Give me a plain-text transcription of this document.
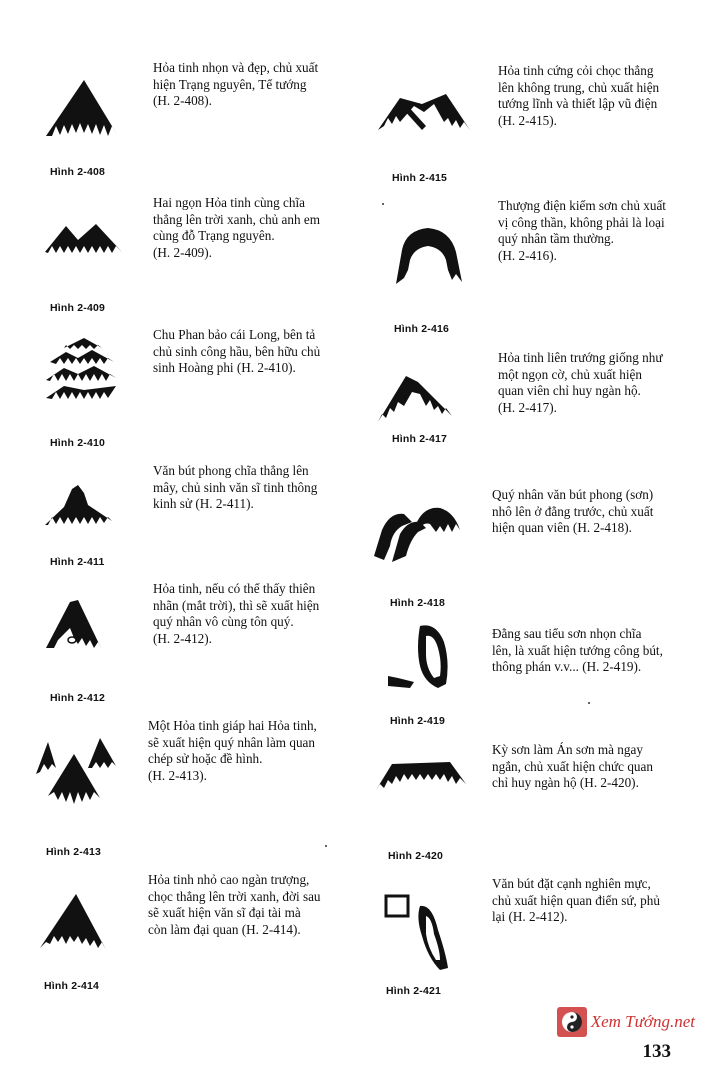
Hình 2-408
Hỏa tinh nhọn và đẹp, chủ xuất
hiện Trạng nguyên, Tể tướng
(H. 2-408).
Hình 2-409
Hai ngọn Hỏa tinh cùng chĩa
thẳng lên trời xanh, chủ anh em
cùng đỗ Trạng nguyên.
(H. 2-409).
Hình 2-410
Chu Phan bảo cái Long, bên tả
chủ sinh công hầu, bên hữu chủ
sinh Hoàng phi (H. 2-410).
Hình 2-411
Văn bút phong chĩa thẳng lên
mây, chủ sinh văn sĩ tinh thông
kinh sử (H. 2-411).
Hình 2-412
Hỏa tinh, nếu có thể thấy thiên
nhãn (mắt trời), thì sẽ xuất hiện
quý nhân vô cùng tôn quý.
(H. 2-412).
Hình 2-413
Một Hỏa tinh giáp hai Hỏa tinh,
sẽ xuất hiện quý nhân làm quan
chép sử hoặc đề hình.
(H. 2-413).
Hình 2-414
Hỏa tinh nhỏ cao ngàn trượng,
chọc thẳng lên trời xanh, đời sau
sẽ xuất hiện văn sĩ đại tài mà
còn làm đại quan (H. 2-414).
Hình 2-415
Hỏa tinh cứng cỏi chọc thẳng
lên không trung, chủ xuất hiện
tướng lĩnh và thiết lập vũ điện
(H. 2-415).
Hình 2-416
Thượng điện kiếm sơn chủ xuất
vị công thần, không phải là loại
quý nhân tầm thường.
(H. 2-416).
Hình 2-417
Hỏa tinh liên trướng giống như
một ngọn cờ, chủ xuất hiện
quan viên chỉ huy ngàn hộ.
(H. 2-417).
Hình 2-418
Quý nhân văn bút phong (sơn)
nhô lên ở đằng trước, chủ xuất
hiện quan viên (H. 2-418).
Hình 2-419
Đằng sau tiểu sơn nhọn chĩa
lên, là xuất hiện tướng công bút,
thông phán v.v... (H. 2-419).
Hình 2-420
Kỳ sơn làm Án sơn mà ngay
ngắn, chủ xuất hiện chức quan
chỉ huy ngàn hộ (H. 2-420).
Hình 2-421
Văn bút đặt cạnh nghiên mực,
chủ xuất hiện quan điển sứ, phủ
lại (H. 2-412).
Xem Tướng.net
133
